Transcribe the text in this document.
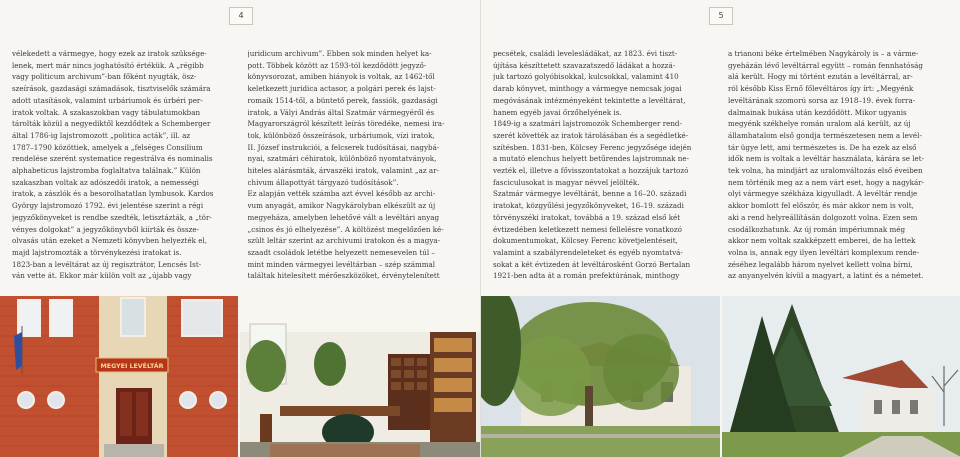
4

vélekedett a vármegye, hogy ezek az iratok szüksége-

lenek, mert már nincs joghatósító értékük. A „régibb

vagy politicum archivum”-ban főként nyugták, ösz-

szeírások, gazdasági számadások, tisztviselők számára

adott utasítások, valamint urbáriumok és úrbéri per-

iratok voltak. A szakaszokban vagy tábulatumokban

tárolták közül a negyediktől kezdődtek a Schemberger

által 1786-ig lajstromozott „politica acták”, ill. az

1787–1790 közöttiek, amelyek a „felséges Consilium

rendelése szerént systematice regestrálva és nominalis

alphabeticus lajstromba foglaltatva találnak.” Külön

szakaszban voltak az adószedői iratok, a nemességi

iratok, a zászlók és a besorolhatatlan lymbusok. Kardos

György lajstromozó 1792. évi jelentése szerint a régi

jegyzőkönyveket is rendbe szedték, letisztázták, a „tör-

vényes dolgokat” a jegyzőkönyvből kiírták és össze-

olvasás után ezeket a Nemzeti könyvben helyezték el,

majd lajstromozták a törvénykezési iratokat is.

1823-ban a levéltárat az új regisztrátor, Lencsés Ist-

ván vette át. Ekkor már külön volt az „újabb vagy

juridicum archivum”. Ebben sok minden helyet ka-

pott. Többek között az 1593-tól kezdődött jegyző-

könyvsorozat, amiben hiányok is voltak, az 1462-től

keletkezett juridica actasor, a polgári perek és lajst-

romaik 1514-től, a büntető perek, fassiók, gazdasági

iratok, a Vályi András által Szatmár vármegyéről és

Magyarországról készített leírás töredéke, nemesi ira-

tok, különböző összeírások, urbáriumok, vízi iratok,

II. József instrukciói, a felcserek tudósításai, nagybá-

nyai, szatmári céhiratok, különböző nyomtatványok,

hiteles alárásmták, árvaszéki iratok, valamint „az ar-

chivum állapottyát tárgyazó tudósítások”.

Ez alapján vették számba azt évvel később az archi-

vum anyagát, amikor Nagykárolyban elkészült az új

megyeháza, amelyben lehetővé vált a levéltári anyag

„csinos és jó elhelyezése”. A költözést megelőzően ké-

szült leltár szerint az archivumi iratokon és a magya-

szaadt csoládok letétbe helyezett nemesevelen túl –

mint minden vármegyei levéltárban – szép számmal

találtak hitelesített mérőeszközöket, érvénytelenített

MEGYEI LEVÉLTÁR
5

pecsétek, családi levelesládákat, az 1823. évi tiszt-

újítása készíttetett szavazatszedő ládákat a hozzá-

juk tartozó golyóbisokkal, kulcsokkal, valamint 410

darab könyvet, minthogy a vármegye nemcsak jogai

megóvásának intézményeként tekintette a levéltárat,

hanem egyéb javai őrzőhelyének is.

1849-ig a szatmári lajstromozók Schemberger rend-

szerét követték az iratok tárolásában és a segédletké-

szítésben. 1831-ben, Kölcsey Ferenc jegyzősége idején

a mutató elenchus helyett betűrendes lajstromnak ne-

vezték el, illetve a fővisszontatokat a hozzájuk tartozó

fasciculusokat is magyar névvel jelölték.

Szatmár vármegye levéltárát, benne a 16–20. századi

iratokat, közgyűlési jegyzőkönyveket, 16–19. századi

törvényszéki iratokat, továbbá a 19. század első két

évtizedében keletkezett nemesi fellelésre vonatkozó

dokumentumokat, Kölcsey Ferenc követjelentéseit,

valamint a szabályrendeleteket és egyéb nyomtatvá-

sokat a két évtizeden át levéltárosként Gorzó Bertalan

1921-ben adta át a román prefektúrának, minthogy

a trianoni béke értelmében Nagykároly is – a várme-

gyeházán lévő levéltárral együtt – román fennhatóság

alá került. Hogy mi történt ezután a levéltárral, ar-

ról később Kiss Ernő főlevéltáros így írt: „Megyénk

levéltárának szomorú sorsa az 1918–19. évek forra-

dalmainak bukása után kezdődött. Mikor ugyanis

megyénk székhelye román uralom alá került, az új

államhatalom első gondja természetesen nem a levél-

tár ügye lett, ami természetes is. De ha ezek az első

idők nem is voltak a levéltár használata, kárára se let-

tek volna, ha mindjárt az uralomváltozás első éveiben

nem történik meg az a nem várt eset, hogy a nagykár-

olyi vármegye székháza kigyulladt. A levéltár rendje

akkor bomlott fel először, és már akkor nem is volt,

aki a rend helyreállításán dolgozott volna. Ezen sem

csodálkozhatunk. Az új román impériumnak még

akkor nem voltak szakképzett emberei, de ha lettek

volna is, annak egy ilyen levéltári komplexum rende-

zéséhez legalább három nyelvet kellett volna bírni,

az anyanyelvén kívül a magyart, a latint és a németet.
